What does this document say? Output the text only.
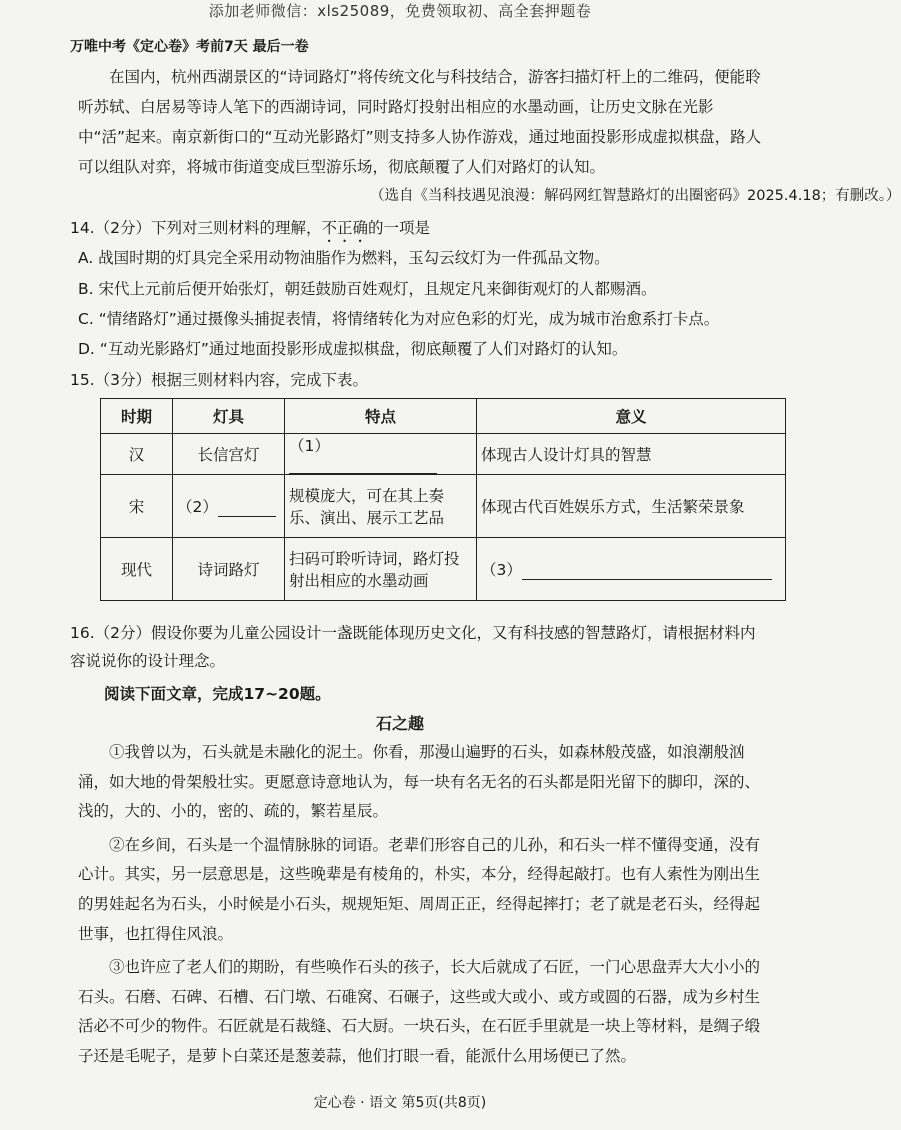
添加老师微信：xls25089，免费领取初、高全套押题卷
万唯中考《定心卷》考前7天 最后一卷

在国内，杭州西湖景区的“诗词路灯”将传统文化与科技结合，游客扫描灯杆上的二维码，便能聆听苏轼、白居易等诗人笔下的西湖诗词，同时路灯投射出相应的水墨动画，让历史文脉在光影中“活”起来。南京新街口的“互动光影路灯”则支持多人协作游戏，通过地面投影形成虚拟棋盘，路人可以组队对弈，将城市街道变成巨型游乐场，彻底颠覆了人们对路灯的认知。

（选自《当科技遇见浪漫：解码网红智慧路灯的出圈密码》2025.4.18；有删改。）
14.（2分）下列对三则材料的理解，不正确的一项是
A. 战国时期的灯具完全采用动物油脂作为燃料，玉勾云纹灯为一件孤品文物。
B. 宋代上元前后便开始张灯，朝廷鼓励百姓观灯，且规定凡来御街观灯的人都赐酒。
C. “情绪路灯”通过摄像头捕捉表情，将情绪转化为对应色彩的灯光，成为城市治愈系打卡点。
D. “互动光影路灯”通过地面投影形成虚拟棋盘，彻底颠覆了人们对路灯的认知。
15.（3分）根据三则材料内容，完成下表。
时期	灯具	特点	意义
汉	长信宫灯	（1）	体现古人设计灯具的智慧
宋	（2）	规模庞大，可在其上奏乐、演出、展示工艺品	体现古代百姓娱乐方式，生活繁荣景象
现代	诗词路灯	扫码可聆听诗词，路灯投射出相应的水墨动画	（3）
16.（2分）假设你要为儿童公园设计一盏既能体现历史文化，又有科技感的智慧路灯，请根据材料内容说说你的设计理念。
阅读下面文章，完成17~20题。
石之趣

①我曾以为，石头就是未融化的泥土。你看，那漫山遍野的石头，如森林般茂盛，如浪潮般汹涌，如大地的骨架般壮实。更愿意诗意地认为，每一块有名无名的石头都是阳光留下的脚印，深的、浅的，大的、小的，密的、疏的，繁若星辰。

②在乡间，石头是一个温情脉脉的词语。老辈们形容自己的儿孙，和石头一样不懂得变通，没有心计。其实，另一层意思是，这些晚辈是有棱角的，朴实，本分，经得起敲打。也有人索性为刚出生的男娃起名为石头，小时候是小石头，规规矩矩、周周正正，经得起摔打；老了就是老石头，经得起世事，也扛得住风浪。

③也许应了老人们的期盼，有些唤作石头的孩子，长大后就成了石匠，一门心思盘弄大大小小的石头。石磨、石碑、石槽、石门墩、石碓窝、石碾子，这些或大或小、或方或圆的石器，成为乡村生活必不可少的物件。石匠就是石裁缝、石大厨。一块石头，在石匠手里就是一块上等材料，是绸子缎子还是毛呢子，是萝卜白菜还是葱姜蒜，他们打眼一看，能派什么用场便已了然。

定心卷 · 语文 第5页(共8页)
